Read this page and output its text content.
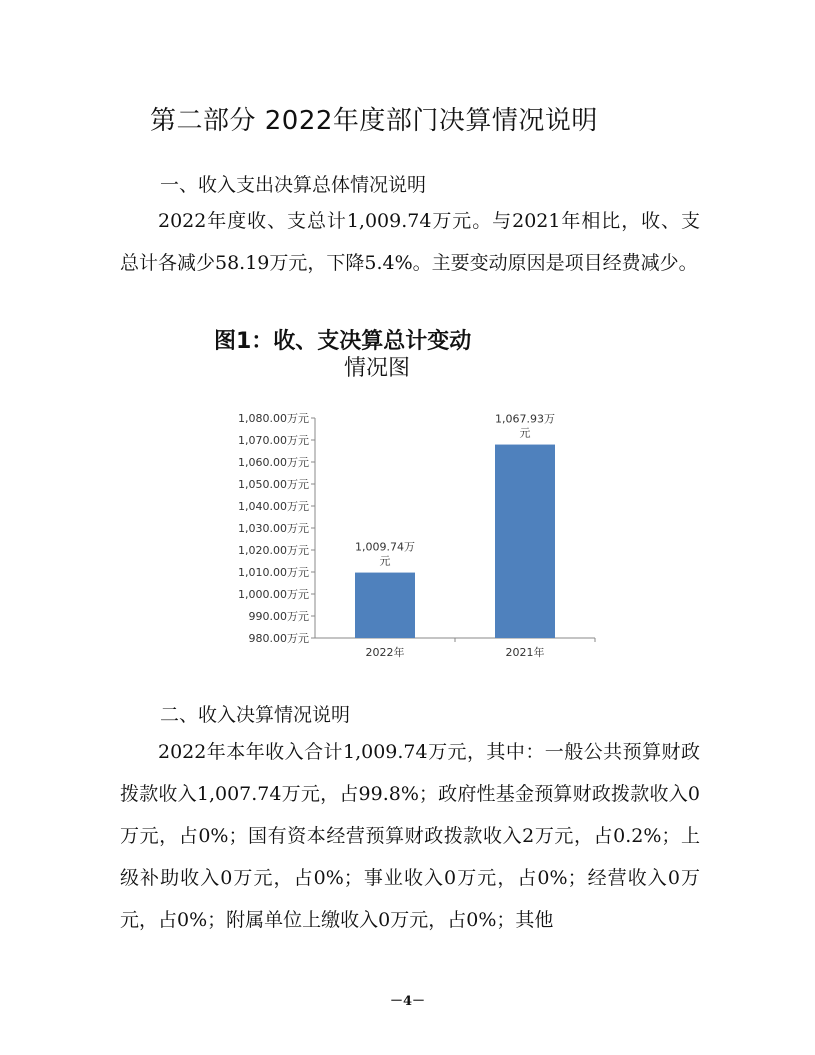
第二部分 2022年度部门决算情况说明
一、收入支出决算总体情况说明

2022年度收、支总计1,009.74万元。与2021年相比，收、支总计各减少58.19万元，下降5.4%。主要变动原因是项目经费减少。

图1：收、支决算总计变动
情况图
980.00万元
990.00万元
1,000.00万元
1,010.00万元
1,020.00万元
1,030.00万元
1,040.00万元
1,050.00万元
1,060.00万元
1,070.00万元
1,080.00万元
1,009.74万
元
2022年
1,067.93万
元
2021年
二、收入决算情况说明

2022年本年收入合计1,009.74万元，其中：一般公共预算财政拨款收入1,007.74万元，占99.8%；政府性基金预算财政拨款收入0万元，占0%；国有资本经营预算财政拨款收入2万元，占0.2%；上级补助收入0万元，占0%；事业收入0万元，占0%；经营收入0万元，占0%；附属单位上缴收入0万元，占0%；其他

－4－
